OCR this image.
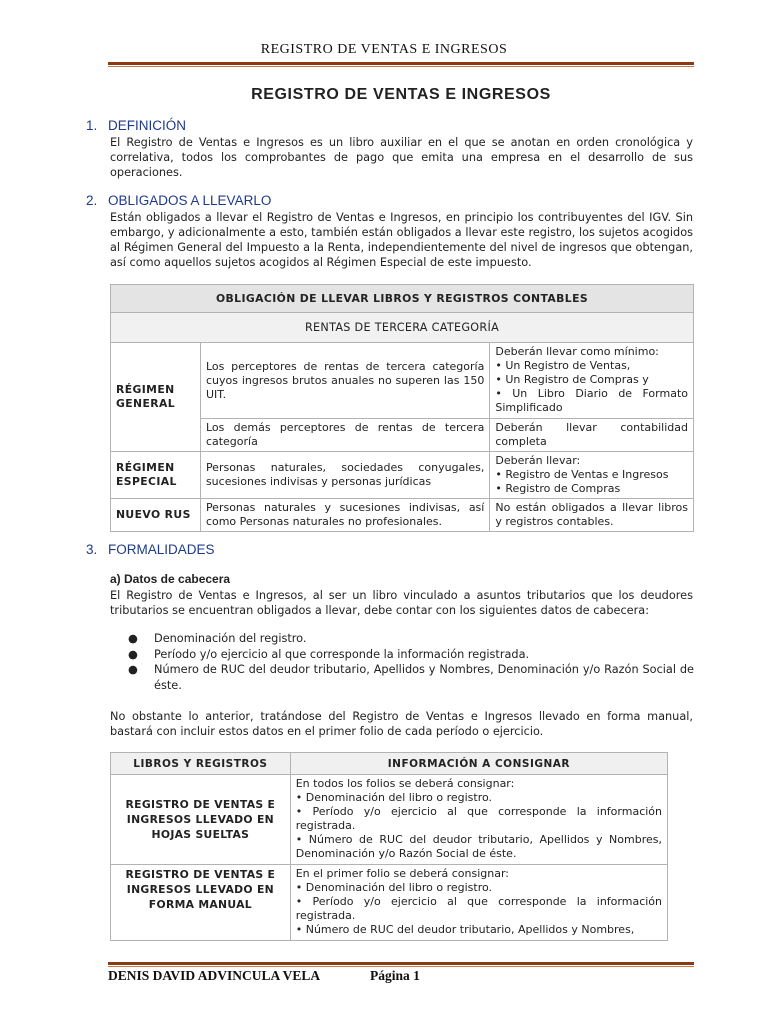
REGISTRO DE VENTAS E INGRESOS
REGISTRO DE VENTAS E INGRESOS
1. DEFINICIÓN
El Registro de Ventas e Ingresos es un libro auxiliar en el que se anotan en orden cronológica y correlativa, todos los comprobantes de pago que emita una empresa en el desarrollo de sus operaciones.
2. OBLIGADOS A LLEVARLO
Están obligados a llevar el Registro de Ventas e Ingresos, en principio los contribuyentes del IGV. Sin embargo, y adicionalmente a esto, también están obligados a llevar este registro, los sujetos acogidos al Régimen General del Impuesto a la Renta, independientemente del nivel de ingresos que obtengan, así como aquellos sujetos acogidos al Régimen Especial de este impuesto.
OBLIGACIÓN DE LLEVAR LIBROS Y REGISTROS CONTABLES		
RENTAS DE TERCERA CATEGORÍA		
RÉGIMEN GENERAL	Los perceptores de rentas de tercera categoría cuyos ingresos brutos anuales no superen las 150 UIT.	Deberán llevar como mínimo:
• Un Registro de Ventas,
• Un Registro de Compras y
• Un Libro Diario de Formato Simplificado

	Los demás perceptores de rentas de tercera categoría	Deberán llevar contabilidad completa
RÉGIMEN ESPECIAL	Personas naturales, sociedades conyugales, sucesiones indivisas y personas jurídicas	Deberán llevar:
• Registro de Ventas e Ingresos
• Registro de Compras

NUEVO RUS	Personas naturales y sucesiones indivisas, así como Personas naturales no profesionales.	No están obligados a llevar libros y registros contables.
3. FORMALIDADES
a) Datos de cabecera
El Registro de Ventas e Ingresos, al ser un libro vinculado a asuntos tributarios que los deudores tributarios se encuentran obligados a llevar, debe contar con los siguientes datos de cabecera:
● Denominación del registro.
● Período y/o ejercicio al que corresponde la información registrada.
● Número de RUC del deudor tributario, Apellidos y Nombres, Denominación y/o Razón Social de éste.
No obstante lo anterior, tratándose del Registro de Ventas e Ingresos llevado en forma manual, bastará con incluir estos datos en el primer folio de cada período o ejercicio.
LIBROS Y REGISTROS	INFORMACIÓN A CONSIGNAR
REGISTRO DE VENTAS E INGRESOS LLEVADO EN HOJAS SUELTAS	En todos los folios se deberá consignar:
• Denominación del libro o registro.
• Período y/o ejercicio al que corresponde la información registrada.
• Número de RUC del deudor tributario, Apellidos y Nombres, Denominación y/o Razón Social de éste.

REGISTRO DE VENTAS E INGRESOS LLEVADO EN FORMA MANUAL	En el primer folio se deberá consignar:
• Denominación del libro o registro.
• Período y/o ejercicio al que corresponde la información registrada.
• Número de RUC del deudor tributario, Apellidos y Nombres,
DENIS DAVID ADVINCULA VELA	Página 1
